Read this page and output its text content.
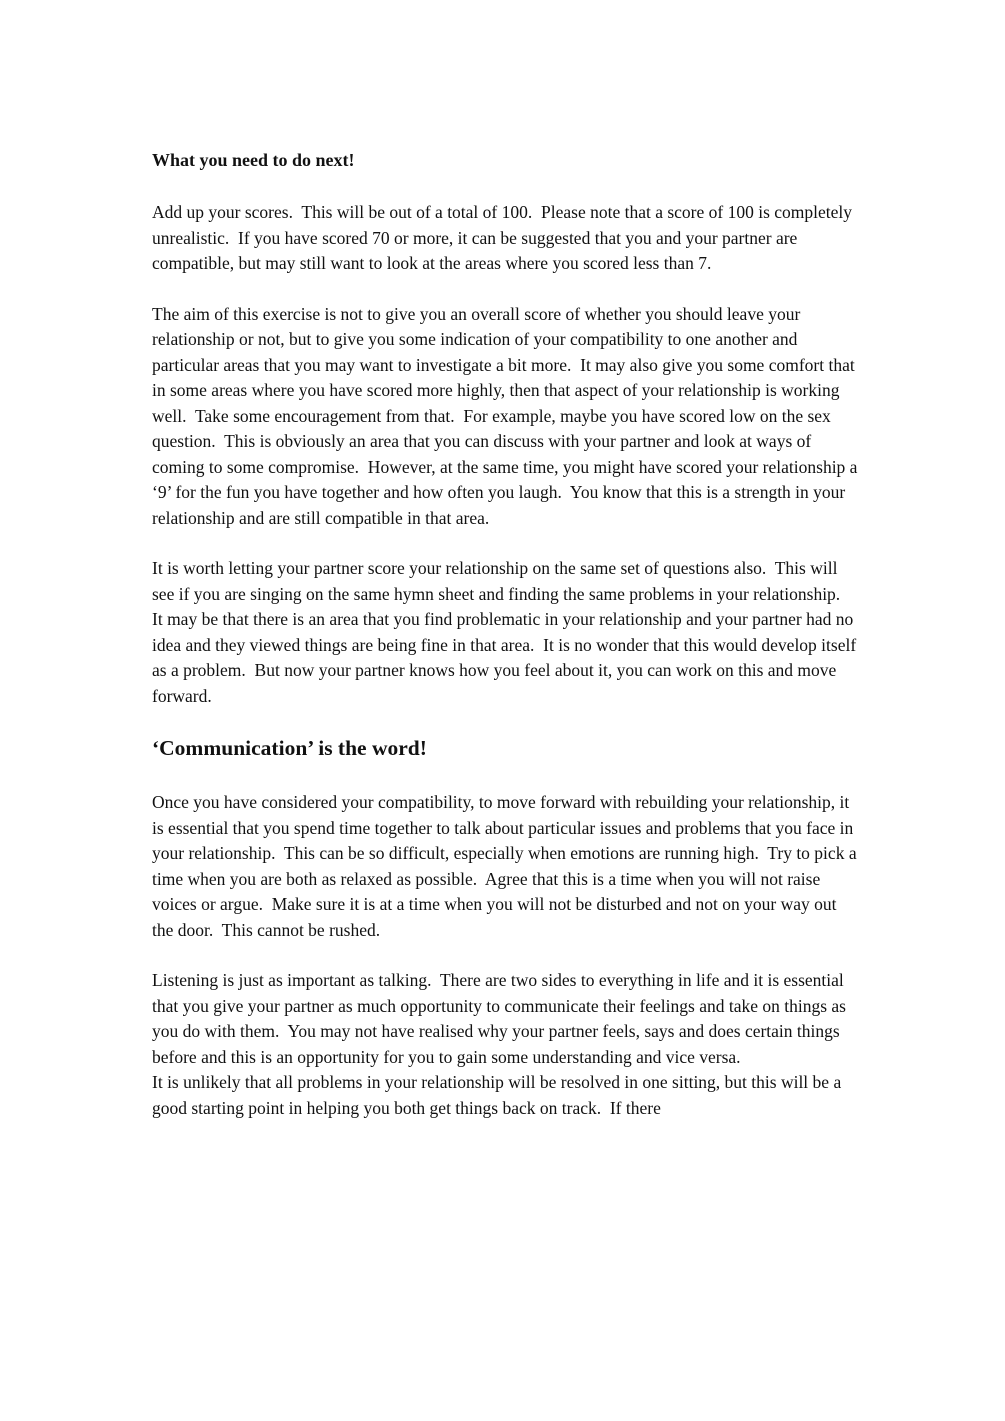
What you need to do next!

Add up your scores.  This will be out of a total of 100.  Please note that a score of 100 is completely unrealistic.  If you have scored 70 or more, it can be suggested that you and your partner are compatible, but may still want to look at the areas where you scored less than 7.

The aim of this exercise is not to give you an overall score of whether you should leave your relationship or not, but to give you some indication of your compatibility to one another and particular areas that you may want to investigate a bit more.  It may also give you some comfort that in some areas where you have scored more highly, then that aspect of your relationship is working well.  Take some encouragement from that.  For example, maybe you have scored low on the sex question.  This is obviously an area that you can discuss with your partner and look at ways of coming to some compromise.  However, at the same time, you might have scored your relationship a ‘9’ for the fun you have together and how often you laugh.  You know that this is a strength in your relationship and are still compatible in that area.

It is worth letting your partner score your relationship on the same set of questions also.  This will see if you are singing on the same hymn sheet and finding the same problems in your relationship.  It may be that there is an area that you find problematic in your relationship and your partner had no idea and they viewed things are being fine in that area.  It is no wonder that this would develop itself as a problem.  But now your partner knows how you feel about it, you can work on this and move forward.

‘Communication’ is the word!

Once you have considered your compatibility, to move forward with rebuilding your relationship, it is essential that you spend time together to talk about particular issues and problems that you face in your relationship.  This can be so difficult, especially when emotions are running high.  Try to pick a time when you are both as relaxed as possible.  Agree that this is a time when you will not raise voices or argue.  Make sure it is at a time when you will not be disturbed and not on your way out the door.  This cannot be rushed.

Listening is just as important as talking.  There are two sides to everything in life and it is essential that you give your partner as much opportunity to communicate their feelings and take on things as you do with them.  You may not have realised why your partner feels, says and does certain things before and this is an opportunity for you to gain some understanding and vice versa.

It is unlikely that all problems in your relationship will be resolved in one sitting, but this will be a good starting point in helping you both get things back on track.  If there
